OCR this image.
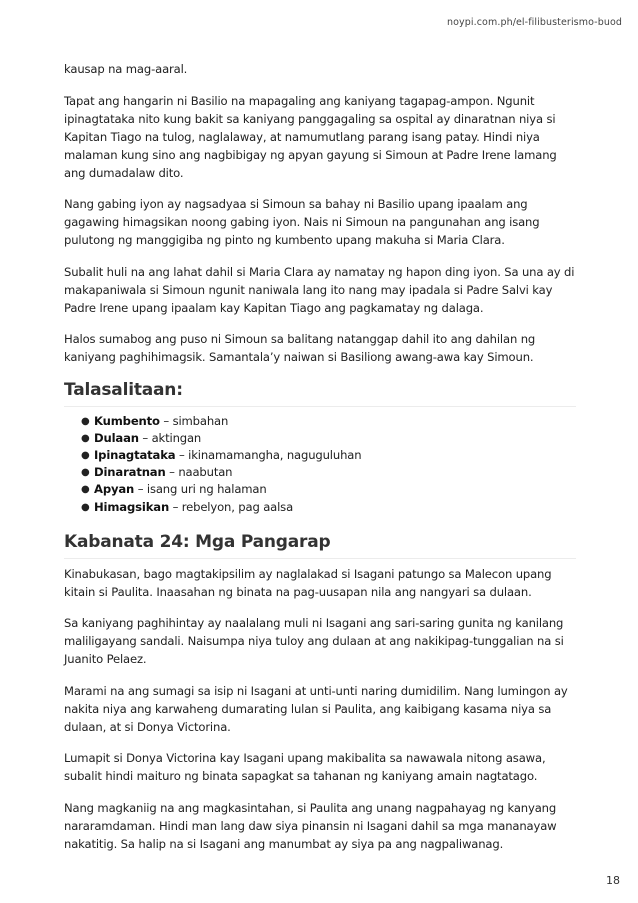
noypi.com.ph/el-filibusterismo-buod

kausap na mag-aaral.

Tapat ang hangarin ni Basilio na mapagaling ang kaniyang tagapag-ampon. Ngunit ipinagtataka nito kung bakit sa kaniyang panggagaling sa ospital ay dinaratnan niya si Kapitan Tiago na tulog, naglalaway, at namumutlang parang isang patay. Hindi niya malaman kung sino ang nagbibigay ng apyan gayung si Simoun at Padre Irene lamang ang dumadalaw dito.

Nang gabing iyon ay nagsadyaa si Simoun sa bahay ni Basilio upang ipaalam ang gagawing himagsikan noong gabing iyon. Nais ni Simoun na pangunahan ang isang pulutong ng manggigiba ng pinto ng kumbento upang makuha si Maria Clara.

Subalit huli na ang lahat dahil si Maria Clara ay namatay ng hapon ding iyon. Sa una ay di makapaniwala si Simoun ngunit naniwala lang ito nang may ipadala si Padre Salvi kay Padre Irene upang ipaalam kay Kapitan Tiago ang pagkamatay ng dalaga.

Halos sumabog ang puso ni Simoun sa balitang natanggap dahil ito ang dahilan ng kaniyang paghihimagsik. Samantala’y naiwan si Basiliong awang-awa kay Simoun.

Talasalitaan:
● Kumbento – simbahan
● Dulaan – aktingan
● Ipinagtataka – ikinamamangha, naguguluhan
● Dinaratnan – naabutan
● Apyan – isang uri ng halaman
● Himagsikan – rebelyon, pag aalsa
Kabanata 24: Mga Pangarap

Kinabukasan, bago magtakipsilim ay naglalakad si Isagani patungo sa Malecon upang kitain si Paulita. Inaasahan ng binata na pag-uusapan nila ang nangyari sa dulaan.

Sa kaniyang paghihintay ay naalalang muli ni Isagani ang sari-saring gunita ng kanilang maliligayang sandali. Naisumpa niya tuloy ang dulaan at ang nakikipag-tunggalian na si Juanito Pelaez.

Marami na ang sumagi sa isip ni Isagani at unti-unti naring dumidilim. Nang lumingon ay nakita niya ang karwaheng dumarating lulan si Paulita, ang kaibigang kasama niya sa dulaan, at si Donya Victorina.

Lumapit si Donya Victorina kay Isagani upang makibalita sa nawawala nitong asawa, subalit hindi maituro ng binata sapagkat sa tahanan ng kaniyang amain nagtatago.

Nang magkaniig na ang magkasintahan, si Paulita ang unang nagpahayag ng kanyang nararamdaman. Hindi man lang daw siya pinansin ni Isagani dahil sa mga mananayaw nakatitig. Sa halip na si Isagani ang manumbat ay siya pa ang nagpaliwanag.

18
